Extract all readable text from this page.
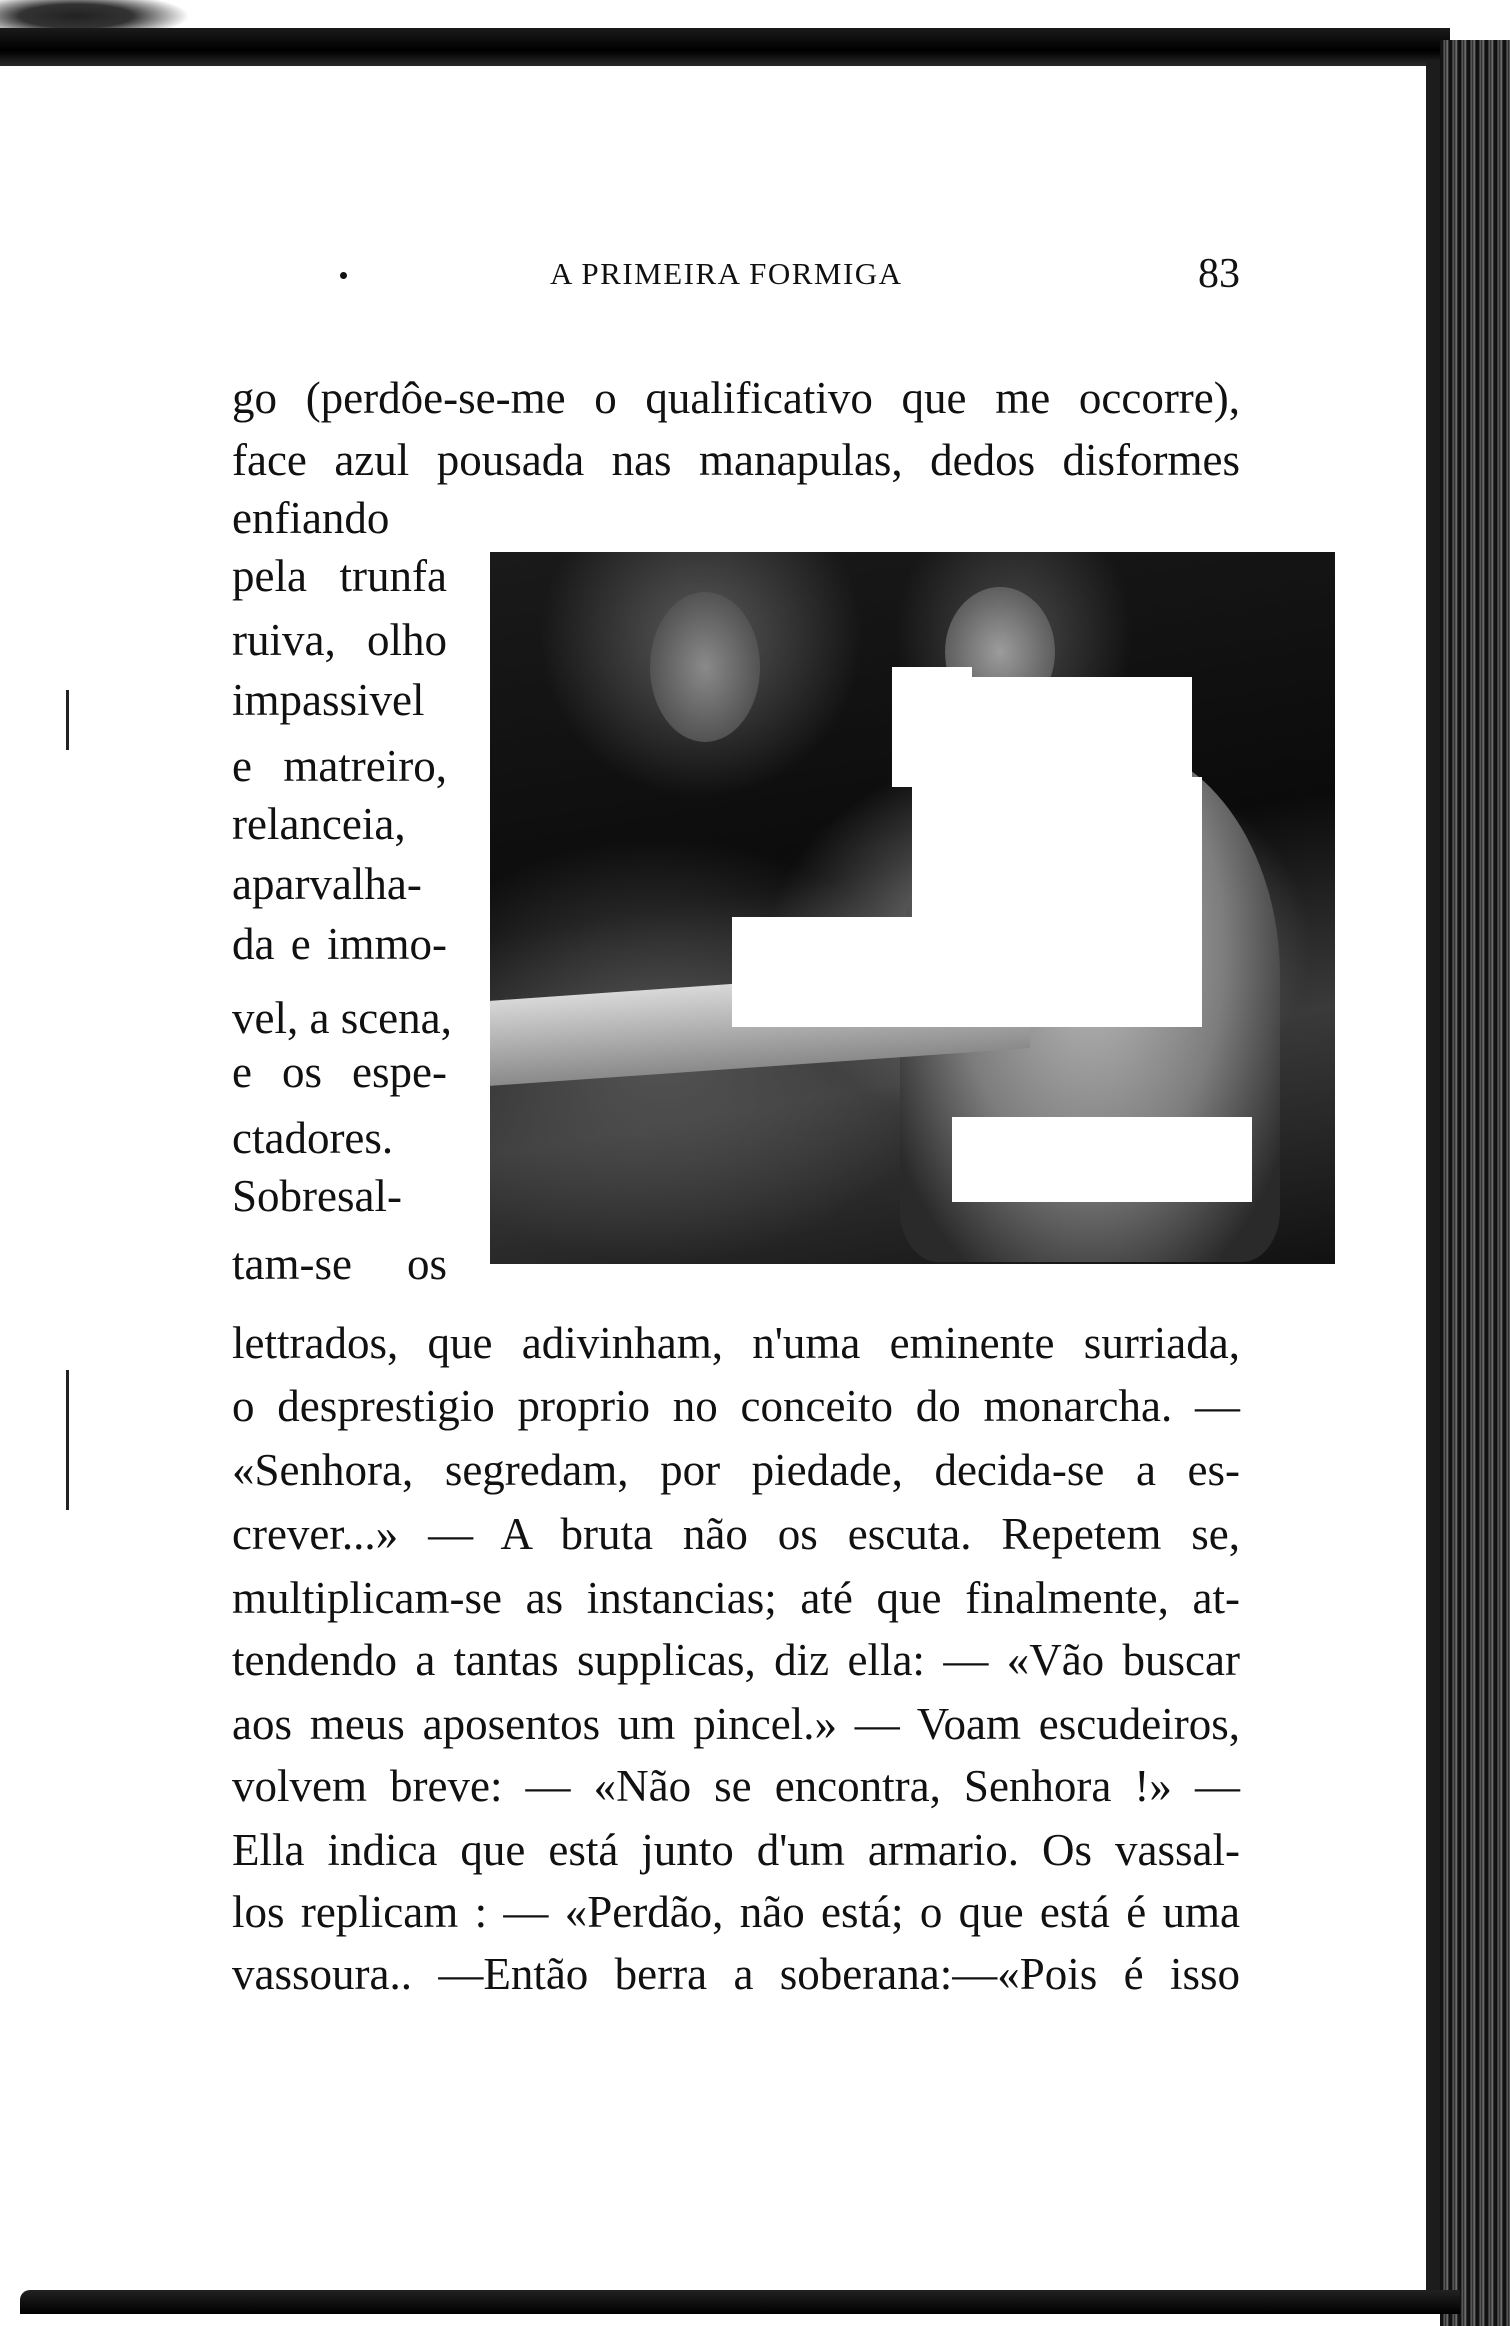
A PRIMEIRA FORMIGA	83
go (perdôe-se-me o qualificativo que me occorre),
face azul pousada nas manapulas, dedos disformes
enfiando
pela trunfa
ruiva, olho
impassivel
e matreiro,
relanceia,
aparvalha-
da e immo-
vel, a scena,
e os espe-
ctadores.
Sobresal-
tam-se os
lettrados, que adivinham, n'uma eminente surriada,
o desprestigio proprio no conceito do monarcha. —
«Senhora, segredam, por piedade, decida-se a es-
crever...» — A bruta não os escuta. Repetem se,
multiplicam-se as instancias; até que finalmente, at-
tendendo a tantas supplicas, diz ella: — «Vão buscar
aos meus aposentos um pincel.» — Voam escudeiros,
volvem breve: — «Não se encontra, Senhora !» —
Ella indica que está junto d'um armario. Os vassal-
los replicam : — «Perdão, não está; o que está é uma
vassoura.. —Então berra a soberana:—«Pois é isso
